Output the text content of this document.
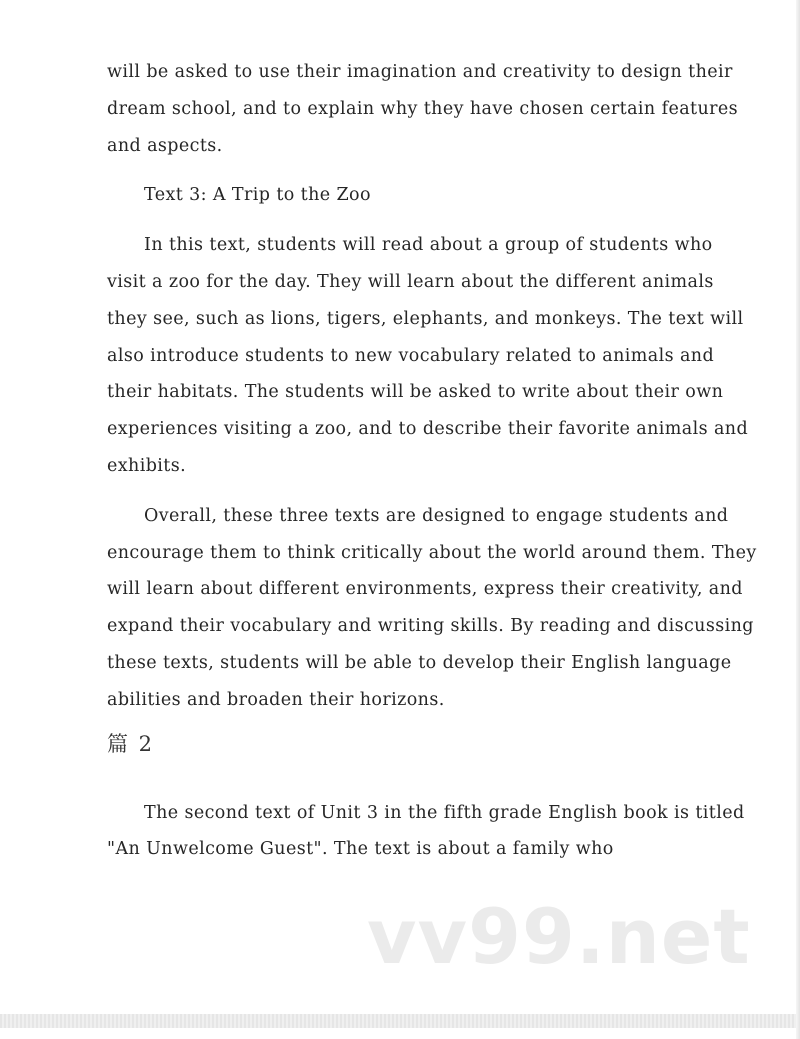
will be asked to use their imagination and creativity to design their dream school, and to explain why they have chosen certain features and aspects.

Text 3: A Trip to the Zoo

In this text, students will read about a group of students who visit a zoo for the day. They will learn about the different animals they see, such as lions, tigers, elephants, and monkeys. The text will also introduce students to new vocabulary related to animals and their habitats. The students will be asked to write about their own experiences visiting a zoo, and to describe their favorite animals and exhibits.

Overall, these three texts are designed to engage students and encourage them to think critically about the world around them. They will learn about different environments, express their creativity, and expand their vocabulary and writing skills. By reading and discussing these texts, students will be able to develop their English language abilities and broaden their horizons.

篇 2

The second text of Unit 3 in the fifth grade English book is titled "An Unwelcome Guest". The text is about a family who

vv99.net
